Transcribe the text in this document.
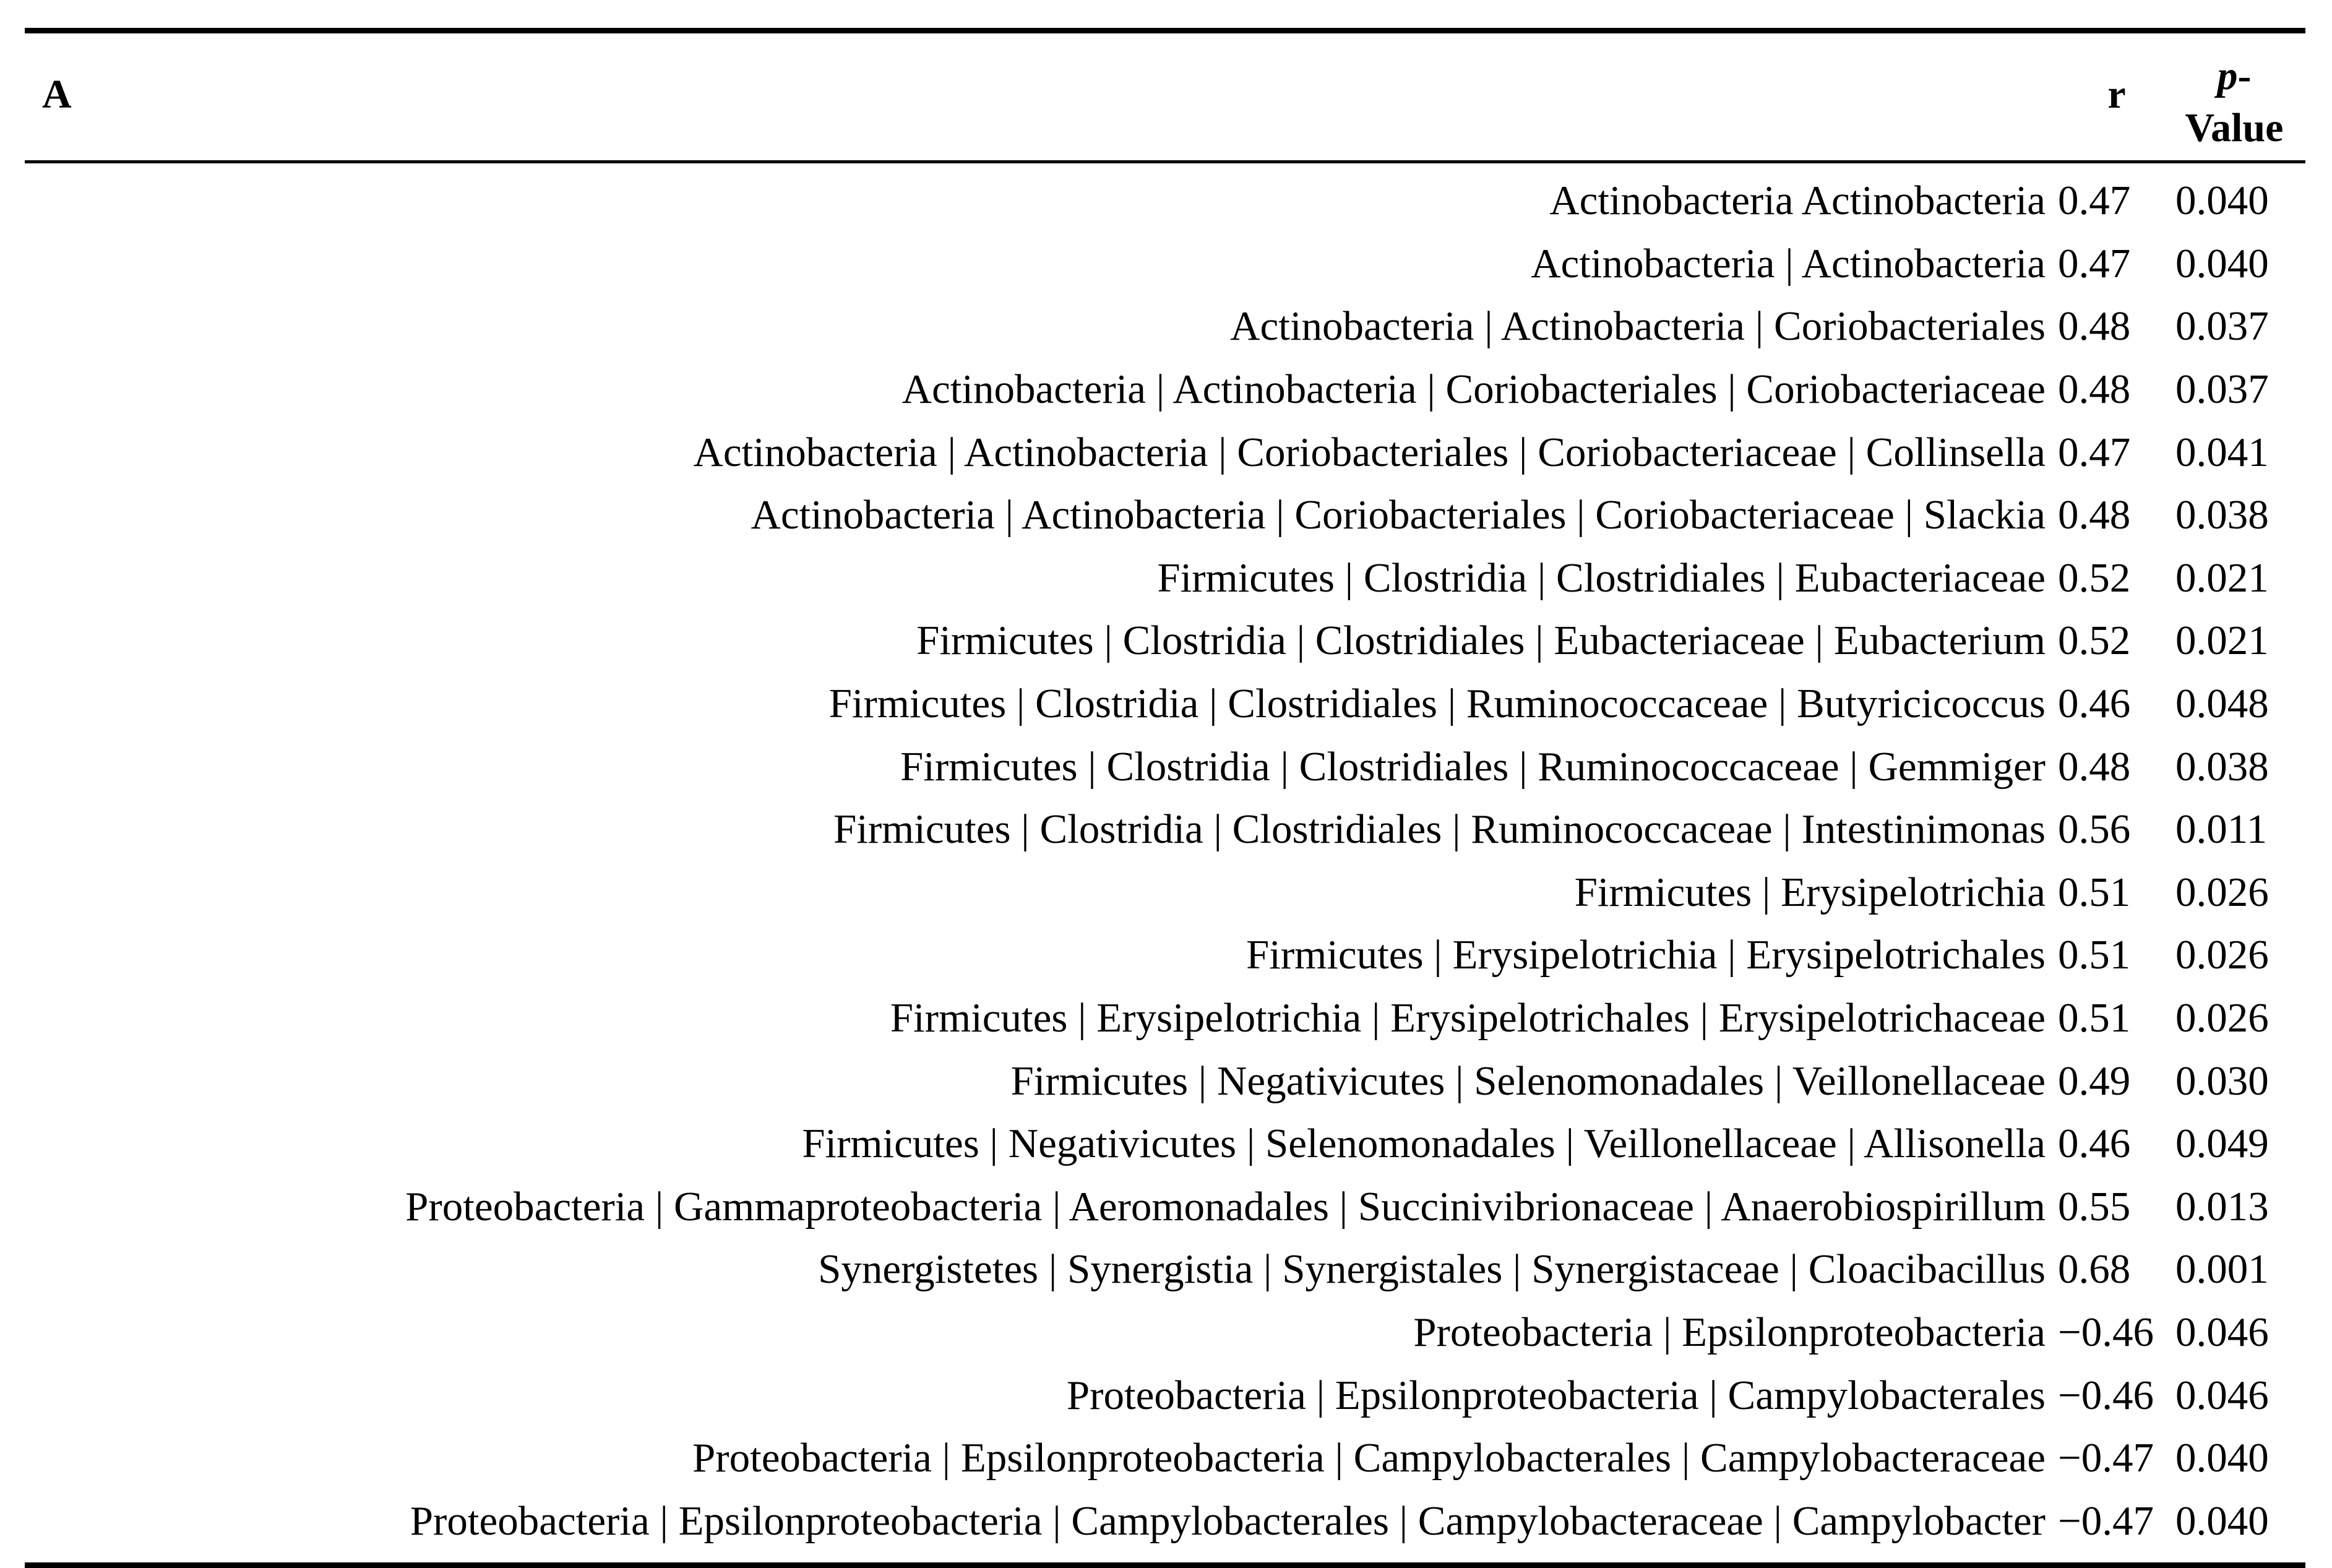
A	r	p-
Value
Actinobacteria Actinobacteria 0.47	0.040
Actinobacteria | Actinobacteria 0.47	0.040
Actinobacteria | Actinobacteria | Coriobacteriales 0.48	0.037
Actinobacteria | Actinobacteria | Coriobacteriales | Coriobacteriaceae 0.48	0.037
Actinobacteria | Actinobacteria | Coriobacteriales | Coriobacteriaceae | Collinsella 0.47	0.041
Actinobacteria | Actinobacteria | Coriobacteriales | Coriobacteriaceae | Slackia 0.48	0.038
Firmicutes | Clostridia | Clostridiales | Eubacteriaceae 0.52	0.021
Firmicutes | Clostridia | Clostridiales | Eubacteriaceae | Eubacterium 0.52	0.021
Firmicutes | Clostridia | Clostridiales | Ruminococcaceae | Butyricicoccus 0.46	0.048
Firmicutes | Clostridia | Clostridiales | Ruminococcaceae | Gemmiger 0.48	0.038
Firmicutes | Clostridia | Clostridiales | Ruminococcaceae | Intestinimonas 0.56	0.011
Firmicutes | Erysipelotrichia 0.51	0.026
Firmicutes | Erysipelotrichia | Erysipelotrichales 0.51	0.026
Firmicutes | Erysipelotrichia | Erysipelotrichales | Erysipelotrichaceae 0.51	0.026
Firmicutes | Negativicutes | Selenomonadales | Veillonellaceae 0.49	0.030
Firmicutes | Negativicutes | Selenomonadales | Veillonellaceae | Allisonella 0.46	0.049
Proteobacteria | Gammaproteobacteria | Aeromonadales | Succinivibrionaceae | Anaerobiospirillum 0.55	0.013
Synergistetes | Synergistia | Synergistales | Synergistaceae | Cloacibacillus 0.68	0.001
Proteobacteria | Epsilonproteobacteria −0.46 0.046
Proteobacteria | Epsilonproteobacteria | Campylobacterales −0.46 0.046
Proteobacteria | Epsilonproteobacteria | Campylobacterales | Campylobacteraceae −0.47 0.040
Proteobacteria | Epsilonproteobacteria | Campylobacterales | Campylobacteraceae | Campylobacter −0.47 0.040
